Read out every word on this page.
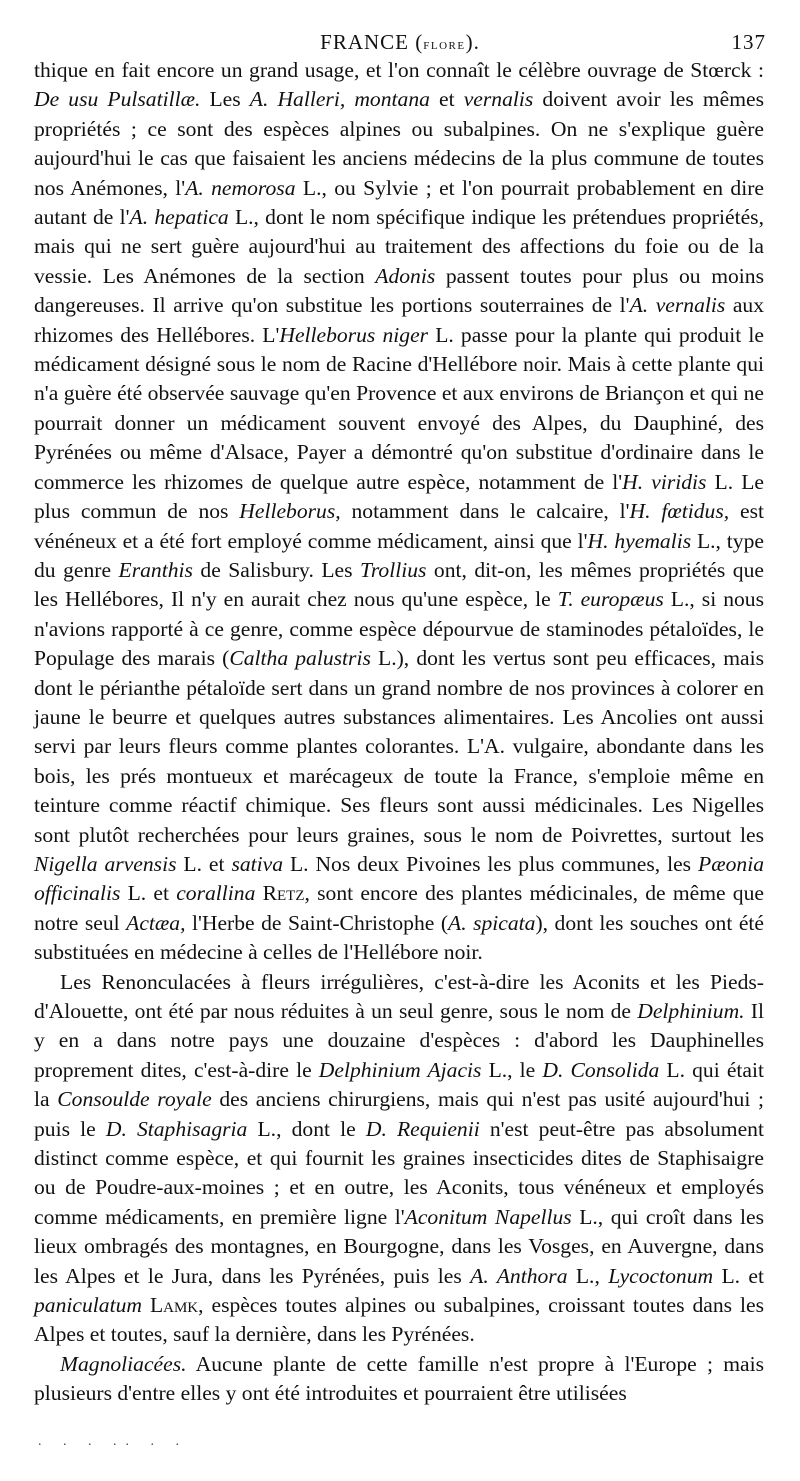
FRANCE (flore).	137

thique en fait encore un grand usage, et l'on connaît le célèbre ouvrage de Stœrck : De usu Pulsatillæ. Les A. Halleri, montana et vernalis doivent avoir les mêmes propriétés ; ce sont des espèces alpines ou subalpines. On ne s'explique guère aujourd'hui le cas que faisaient les anciens médecins de la plus commune de toutes nos Anémones, l'A. nemorosa L., ou Sylvie ; et l'on pourrait probablement en dire autant de l'A. hepatica L., dont le nom spécifique indique les prétendues propriétés, mais qui ne sert guère aujourd'hui au traitement des affections du foie ou de la vessie. Les Anémones de la section Adonis passent toutes pour plus ou moins dangereuses. Il arrive qu'on substitue les portions souterraines de l'A. vernalis aux rhizomes des Hellébores. L'Helleborus niger L. passe pour la plante qui produit le médicament désigné sous le nom de Racine d'Hellébore noir. Mais à cette plante qui n'a guère été observée sauvage qu'en Provence et aux environs de Briançon et qui ne pourrait donner un médicament souvent envoyé des Alpes, du Dauphiné, des Pyrénées ou même d'Alsace, Payer a démontré qu'on substitue d'ordinaire dans le commerce les rhizomes de quelque autre espèce, notamment de l'H. viridis L. Le plus commun de nos Helleborus, notamment dans le calcaire, l'H. fœtidus, est vénéneux et a été fort employé comme médicament, ainsi que l'H. hyemalis L., type du genre Eranthis de Salisbury. Les Trollius ont, dit-on, les mêmes propriétés que les Hellébores, Il n'y en aurait chez nous qu'une espèce, le T. europæus L., si nous n'avions rapporté à ce genre, comme espèce dépourvue de staminodes pétaloïdes, le Populage des marais (Caltha palustris L.), dont les vertus sont peu efficaces, mais dont le périanthe pétaloïde sert dans un grand nombre de nos provinces à colorer en jaune le beurre et quelques autres substances alimentaires. Les Ancolies ont aussi servi par leurs fleurs comme plantes colorantes. L'A. vulgaire, abondante dans les bois, les prés montueux et marécageux de toute la France, s'emploie même en teinture comme réactif chimique. Ses fleurs sont aussi médicinales. Les Nigelles sont plutôt recherchées pour leurs graines, sous le nom de Poivrettes, surtout les Nigella arvensis L. et sativa L. Nos deux Pivoines les plus communes, les Pæonia officinalis L. et corallina Retz, sont encore des plantes médicinales, de même que notre seul Actæa, l'Herbe de Saint-Christophe (A. spicata), dont les souches ont été substituées en médecine à celles de l'Hellébore noir.

Les Renonculacées à fleurs irrégulières, c'est-à-dire les Aconits et les Pieds-d'Alouette, ont été par nous réduites à un seul genre, sous le nom de Delphinium. Il y en a dans notre pays une douzaine d'espèces : d'abord les Dauphinelles proprement dites, c'est-à-dire le Delphinium Ajacis L., le D. Consolida L. qui était la Consoulde royale des anciens chirurgiens, mais qui n'est pas usité aujourd'hui ; puis le D. Staphisagria L., dont le D. Requienii n'est peut-être pas absolument distinct comme espèce, et qui fournit les graines insecticides dites de Staphisaigre ou de Poudre-aux-moines ; et en outre, les Aconits, tous vénéneux et employés comme médicaments, en première ligne l'Aconitum Napellus L., qui croît dans les lieux ombragés des montagnes, en Bourgogne, dans les Vosges, en Auvergne, dans les Alpes et le Jura, dans les Pyrénées, puis les A. Anthora L., Lycoctonum L. et paniculatum Lamk, espèces toutes alpines ou subalpines, croissant toutes dans les Alpes et toutes, sauf la dernière, dans les Pyrénées.

Magnoliacées. Aucune plante de cette famille n'est propre à l'Europe ; mais plusieurs d'entre elles y ont été introduites et pourraient être utilisées

. . . .. . .
